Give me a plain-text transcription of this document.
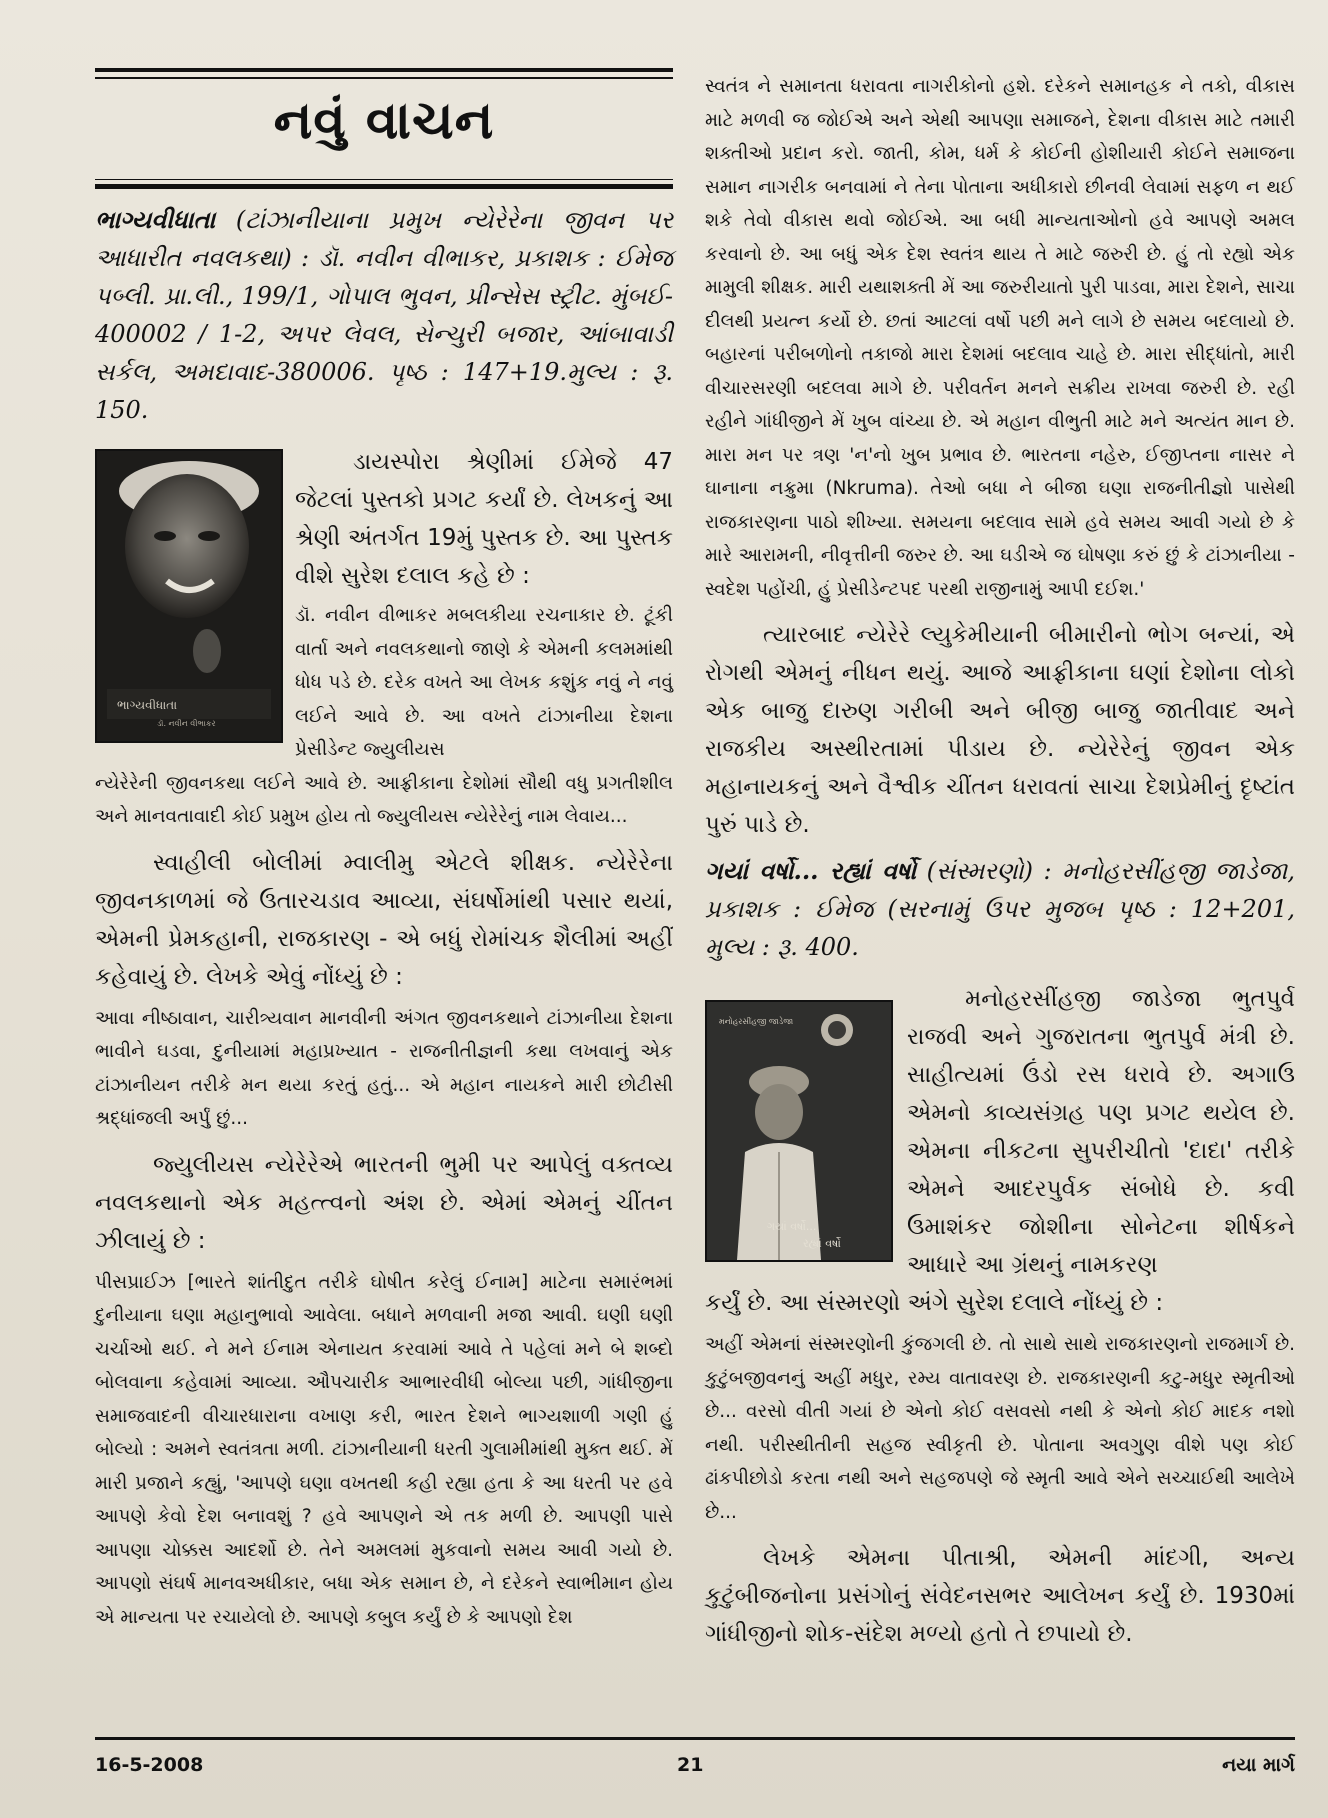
નવું વાચન

ભાગ્યવીધાતા (ટાંઝાનીયાના પ્રમુખ ન્યેરેરેના જીવન પર આધારીત નવલકથા) : ડૉ. નવીન વીભાકર, પ્રકાશક : ઈમેજ પબ્લી. પ્રા.લી., 199/1, ગોપાલ ભુવન, પ્રીન્સેસ સ્ટ્રીટ. મુંબઈ- 400002 / 1-2, અપર લેવલ, સેન્ચુરી બજાર, આંબાવાડી સર્કલ, અમદાવાદ-380006. પૃષ્ઠ : 147+19.મુલ્ય : રૂ. 150.

ભાગ્યવીધાતા
ડૉ. નવીન વીભાકર

ડાયસ્પોરા શ્રેણીમાં ઈમેજે 47 જેટલાં પુસ્તકો પ્રગટ કર્યાં છે. લેખકનું આ શ્રેણી અંતર્ગત 19મું પુસ્તક છે. આ પુસ્તક વીશે સુરેશ દલાલ કહે છે :

ડૉ. નવીન વીભાકર મબલકીયા રચનાકાર છે. ટૂંકી વાર્તા અને નવલકથાનો જાણે કે એમની કલમમાંથી ધોધ પડે છે. દરેક વખતે આ લેખક કશુંક નવું ને નવું લઈને આવે છે. આ વખતે ટાંઝાનીયા દેશના પ્રેસીડેન્ટ જ્યુલીયસ

ન્યેરેરેની જીવનકથા લઈને આવે છે. આફ્રીકાના દેશોમાં સૌથી વધુ પ્રગતીશીલ અને માનવતાવાદી કોઈ પ્રમુખ હોય તો જ્યુલીયસ ન્યેરેરેનું નામ લેવાય...

સ્વાહીલી બોલીમાં મ્વાલીમુ એટલે શીક્ષક. ન્યેરેરેના જીવનકાળમાં જે ઉતારચડાવ આવ્યા, સંઘર્ષોમાંથી પસાર થયાં, એમની પ્રેમકહાની, રાજકારણ - એ બધું રોમાંચક શૈલીમાં અહીં કહેવાયું છે. લેખકે એવું નોંધ્યું છે :

આવા નીષ્ઠાવાન, ચારીત્ર્યવાન માનવીની અંગત જીવનકથાને ટાંઝાનીયા દેશના ભાવીને ઘડવા, દુનીયામાં મહાપ્રખ્યાત - રાજનીતીજ્ઞની કથા લખવાનું એક ટાંઝાનીયન તરીકે મન થયા કરતું હતું... એ મહાન નાયકને મારી છોટીસી શ્રદ્ધાંજલી અર્પું છું...

જ્યુલીયસ ન્યેરેરેએ ભારતની ભુમી પર આપેલું વક્તવ્ય નવલકથાનો એક મહત્ત્વનો અંશ છે. એમાં એમનું ચીંતન ઝીલાયું છે :

પીસપ્રાઈઝ [ભારતે શાંતીદુત તરીકે ઘોષીત કરેલું ઈનામ] માટેના સમારંભમાં દુનીયાના ઘણા મહાનુભાવો આવેલા. બધાને મળવાની મજા આવી. ઘણી ઘણી ચર્ચાઓ થઈ. ને મને ઈનામ એનાયત કરવામાં આવે તે પહેલાં મને બે શબ્દો બોલવાના કહેવામાં આવ્યા. ઔપચારીક આભારવીધી બોલ્યા પછી, ગાંધીજીના સમાજવાદની વીચારધારાના વખાણ કરી, ભારત દેશને ભાગ્યશાળી ગણી હું બોલ્યો : અમને સ્વતંત્રતા મળી. ટાંઝાનીયાની ધરતી ગુલામીમાંથી મુક્ત થઈ. મેં મારી પ્રજાને કહ્યું, 'આપણે ઘણા વખતથી કહી રહ્યા હતા કે આ ધરતી પર હવે આપણે કેવો દેશ બનાવશું ? હવે આપણને એ તક મળી છે. આપણી પાસે આપણા ચોક્કસ આદર્શો છે. તેને અમલમાં મુકવાનો સમય આવી ગયો છે. આપણો સંઘર્ષ માનવઅધીકાર, બધા એક સમાન છે, ને દરેકને સ્વાભીમાન હોય એ માન્યતા પર રચાયેલો છે. આપણે કબુલ કર્યું છે કે આપણો દેશ

સ્વતંત્ર ને સમાનતા ધરાવતા નાગરીકોનો હશે. દરેકને સમાનહક ને તકો, વીકાસ માટે મળવી જ જોઈએ અને એથી આપણા સમાજને, દેશના વીકાસ માટે તમારી શક્તીઓ પ્રદાન કરો. જાતી, કોમ, ધર્મ કે કોઈની હોશીયારી કોઈને સમાજના સમાન નાગરીક બનવામાં ને તેના પોતાના અધીકારો છીનવી લેવામાં સફળ ન થઈ શકે તેવો વીકાસ થવો જોઈએ. આ બધી માન્યતાઓનો હવે આપણે અમલ કરવાનો છે. આ બધું એક દેશ સ્વતંત્ર થાય તે માટે જરુરી છે. હું તો રહ્યો એક મામુલી શીક્ષક. મારી યથાશક્તી મેં આ જરુરીયાતો પુરી પાડવા, મારા દેશને, સાચા દીલથી પ્રયત્ન કર્યો છે. છતાં આટલાં વર્ષો પછી મને લાગે છે સમય બદલાયો છે. બહારનાં પરીબળોનો તકાજો મારા દેશમાં બદલાવ ચાહે છે. મારા સીદ્ધાંતો, મારી વીચારસરણી બદલવા માગે છે. પરીવર્તન મનને સક્રીય રાખવા જરુરી છે. રહી રહીને ગાંધીજીને મેં ખુબ વાંચ્યા છે. એ મહાન વીભુતી માટે મને અત્યંત માન છે. મારા મન પર ત્રણ 'ન'નો ખુબ પ્રભાવ છે. ભારતના નહેરુ, ઈજીપ્તના નાસર ને ઘાનાના નક્રુમા (Nkruma). તેઓ બધા ને બીજા ઘણા રાજનીતીજ્ઞો પાસેથી રાજકારણના પાઠો શીખ્યા. સમયના બદલાવ સામે હવે સમય આવી ગયો છે કે મારે આરામની, નીવૃત્તીની જરુર છે. આ ઘડીએ જ ઘોષણા કરું છું કે ટાંઝાનીયા - સ્વદેશ પહોંચી, હું પ્રેસીડેન્ટપદ પરથી રાજીનામું આપી દઈશ.'

ત્યારબાદ ન્યેરેરે લ્યુકેમીયાની બીમારીનો ભોગ બન્યાં, એ રોગથી એમનું નીધન થયું. આજે આફ્રીકાના ઘણાં દેશોના લોકો એક બાજુ દારુણ ગરીબી અને બીજી બાજુ જાતીવાદ અને રાજકીય અસ્થીરતામાં પીડાય છે. ન્યેરેરેનું જીવન એક મહાનાયકનું અને વૈશ્વીક ચીંતન ધરાવતાં સાચા દેશપ્રેમીનું દૃષ્ટાંત પુરું પાડે છે.

ગયાં વર્ષો... રહ્યાં વર્ષો (સંસ્મરણો) : મનોહરસીંહજી જાડેજા, પ્રકાશક : ઈમેજ (સરનામું ઉપર મુજબ પૃષ્ઠ : 12+201, મુલ્ય : રૂ. 400.

મનોહરસીંહજી જાડેજા
ગયાં વર્ષો...
રહ્યાં વર્ષો

મનોહરસીંહજી જાડેજા ભુતપુર્વ રાજવી અને ગુજરાતના ભુતપુર્વ મંત્રી છે. સાહીત્યમાં ઉંડો રસ ધરાવે છે. અગાઉ એમનો કાવ્યસંગ્રહ પણ પ્રગટ થયેલ છે. એમના નીકટના સુપરીચીતો 'દાદા' તરીકે એમને આદરપુર્વક સંબોધે છે. કવી ઉમાશંકર જોશીના સોનેટના શીર્ષકને આધારે આ ગ્રંથનું નામકરણ

કર્યું છે. આ સંસ્મરણો અંગે સુરેશ દલાલે નોંધ્યું છે :

અહીં એમનાં સંસ્મરણોની કુંજગલી છે. તો સાથે સાથે રાજકારણનો રાજમાર્ગ છે. કુટુંબજીવનનું અહીં મધુર, રમ્ય વાતાવરણ છે. રાજકારણની કટુ-મધુર સ્મૃતીઓ છે... વરસો વીતી ગયાં છે એનો કોઈ વસવસો નથી કે એનો કોઈ માદક નશો નથી. પરીસ્થીતીની સહજ સ્વીકૃતી છે. પોતાના અવગુણ વીશે પણ કોઈ ઢાંકપીછોડો કરતા નથી અને સહજપણે જે સ્મૃતી આવે એને સચ્ચાઈથી આલેખે છે...

લેખકે એમના પીતાશ્રી, એમની માંદગી, અન્ય કુટુંબીજનોના પ્રસંગોનું સંવેદનસભર આલેખન કર્યું છે. 1930માં ગાંધીજીનો શોક-સંદેશ મળ્યો હતો તે છપાયો છે.

16-5-2008	21	નયા માર્ગ
